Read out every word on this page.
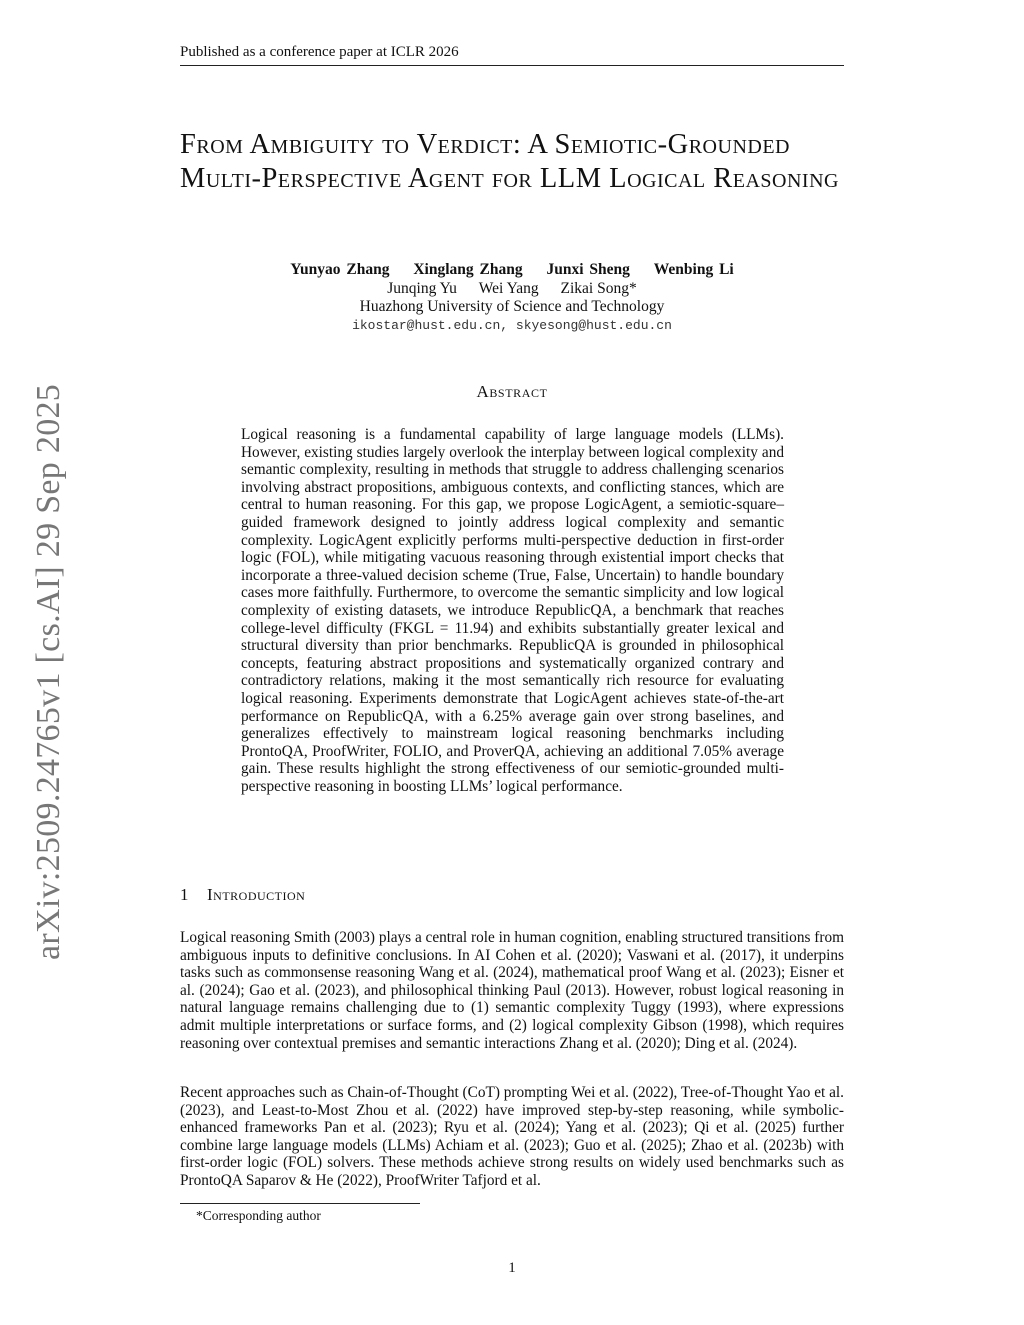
Published as a conference paper at ICLR 2026
From Ambiguity to Verdict: A Semiotic-Grounded Multi-Perspective Agent for LLM Logical Reasoning
Yunyao Zhang Xinglang Zhang Junxi Sheng Wenbing Li
Junqing Yu Wei Yang Zikai Song*
Huazhong University of Science and Technology
ikostar@hust.edu.cn, skyesong@hust.edu.cn
arXiv:2509.24765v1 [cs.AI] 29 Sep 2025	Abstract

Logical reasoning is a fundamental capability of large language models (LLMs). However, existing studies largely overlook the interplay between logical complexity and semantic complexity, resulting in methods that struggle to address challenging scenarios involving abstract propositions, ambiguous contexts, and conflicting stances, which are central to human reasoning. For this gap, we propose LogicAgent, a semiotic-square–guided framework designed to jointly address logical complexity and semantic complexity. LogicAgent explicitly performs multi-perspective deduction in first-order logic (FOL), while mitigating vacuous reasoning through existential import checks that incorporate a three-valued decision scheme (True, False, Uncertain) to handle boundary cases more faithfully. Furthermore, to overcome the semantic simplicity and low logical complexity of existing datasets, we introduce RepublicQA, a benchmark that reaches college-level difficulty (FKGL = 11.94) and exhibits substantially greater lexical and structural diversity than prior benchmarks. RepublicQA is grounded in philosophical concepts, featuring abstract propositions and systematically organized contrary and contradictory relations, making it the most semantically rich resource for evaluating logical reasoning. Experiments demonstrate that LogicAgent achieves state-of-the-art performance on RepublicQA, with a 6.25% average gain over strong baselines, and generalizes effectively to mainstream logical reasoning benchmarks including ProntoQA, ProofWriter, FOLIO, and ProverQA, achieving an additional 7.05% average gain. These results highlight the strong effectiveness of our semiotic-grounded multi-perspective reasoning in boosting LLMs’ logical performance.

1 Introduction

Logical reasoning Smith (2003) plays a central role in human cognition, enabling structured transitions from ambiguous inputs to definitive conclusions. In AI Cohen et al. (2020); Vaswani et al. (2017), it underpins tasks such as commonsense reasoning Wang et al. (2024), mathematical proof Wang et al. (2023); Eisner et al. (2024); Gao et al. (2023), and philosophical thinking Paul (2013). However, robust logical reasoning in natural language remains challenging due to (1) semantic complexity Tuggy (1993), where expressions admit multiple interpretations or surface forms, and (2) logical complexity Gibson (1998), which requires reasoning over contextual premises and semantic interactions Zhang et al. (2020); Ding et al. (2024).

Recent approaches such as Chain-of-Thought (CoT) prompting Wei et al. (2022), Tree-of-Thought Yao et al. (2023), and Least-to-Most Zhou et al. (2022) have improved step-by-step reasoning, while symbolic-enhanced frameworks Pan et al. (2023); Ryu et al. (2024); Yang et al. (2023); Qi et al. (2025) further combine large language models (LLMs) Achiam et al. (2023); Guo et al. (2025); Zhao et al. (2023b) with first-order logic (FOL) solvers. These methods achieve strong results on widely used benchmarks such as ProntoQA Saparov & He (2022), ProofWriter Tafjord et al.

*Corresponding author
1
